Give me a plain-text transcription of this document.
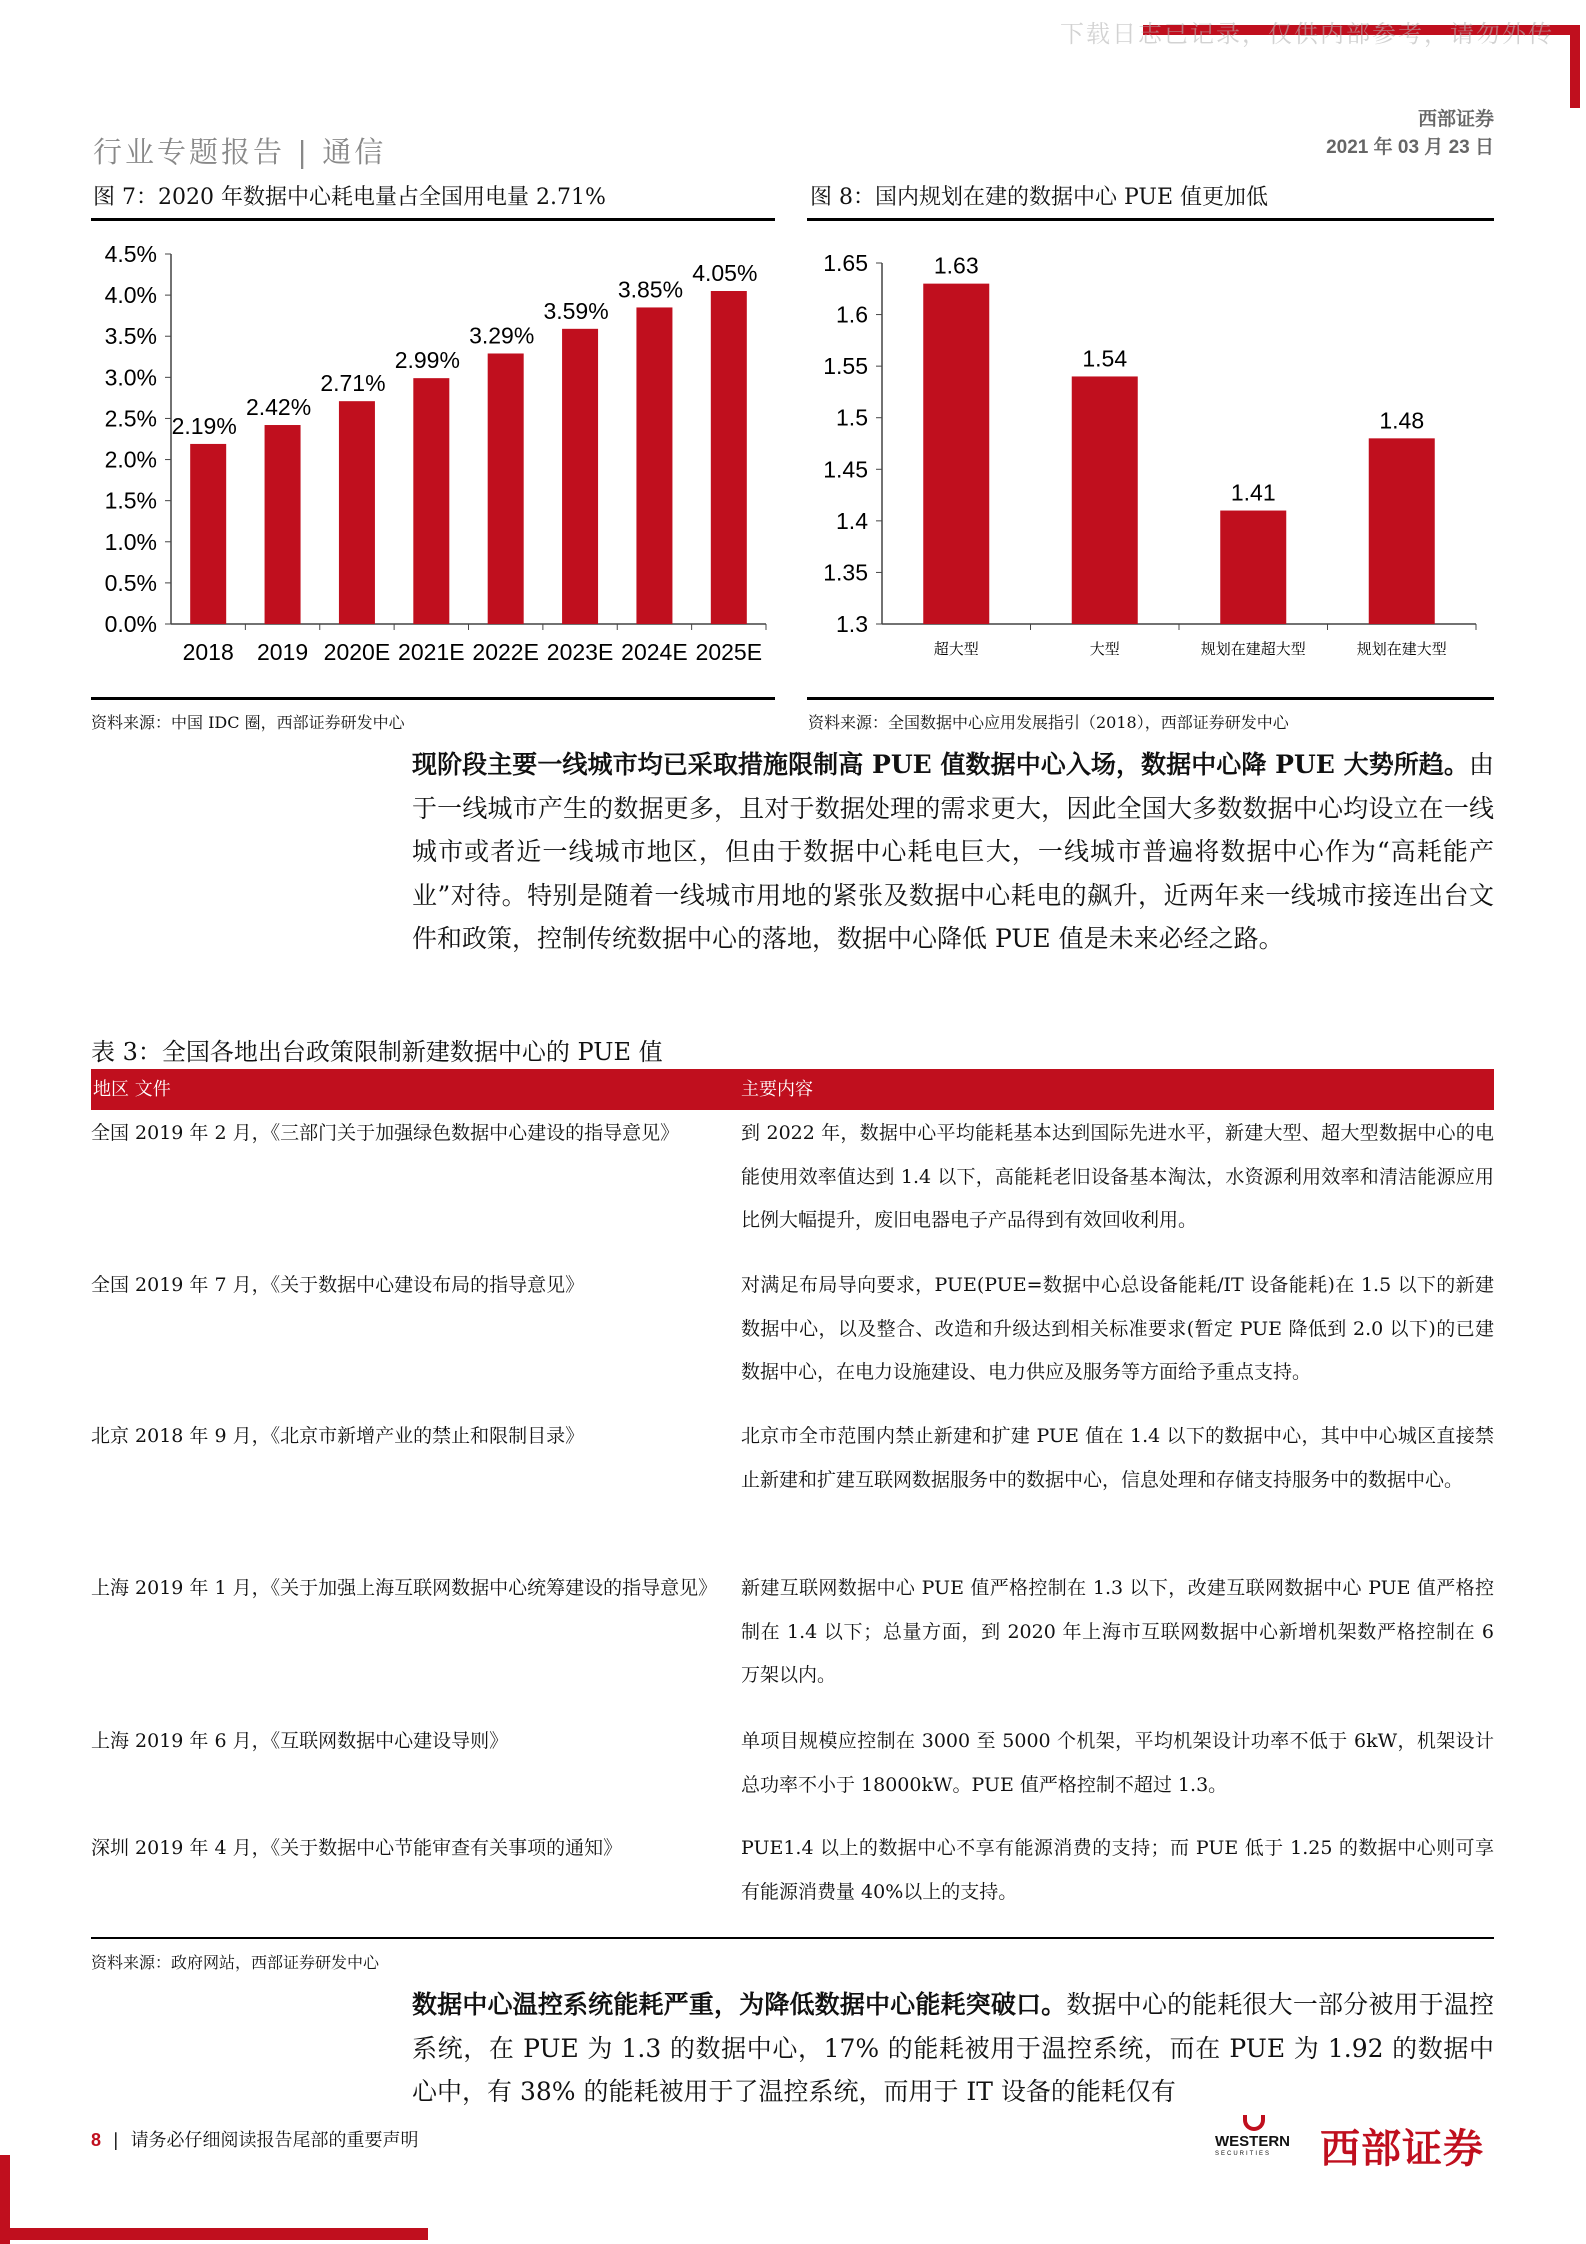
下载日志已记录，仅供内部参考，请勿外传
行业专题报告 | 通信
西部证券
2021 年 03 月 23 日
图 7：2020 年数据中心耗电量占全国用电量 2.71%	图 8：国内规划在建的数据中心 PUE 值更加低
0.0%
0.5%
1.0%
1.5%
2.0%
2.5%
3.0%
3.5%
4.0%
4.5%
2.19%
2018
2.42%
2019
2.71%
2020E
2.99%
2021E
3.29%
2022E
3.59%
2023E
3.85%
2024E
4.05%
2025E
1.3
1.35
1.4
1.45
1.5
1.55
1.6
1.65	1.63
超大型
1.54
大型
1.41
规划在建超大型
1.48
规划在建大型
资料来源：中国 IDC 圈，西部证券研发中心	资料来源：全国数据中心应用发展指引（2018），西部证券研发中心
现阶段主要一线城市均已采取措施限制高 PUE 值数据中心入场，数据中心降 PUE 大势所趋。由于一线城市产生的数据更多，且对于数据处理的需求更大，因此全国大多数数据中心均设立在一线城市或者近一线城市地区，但由于数据中心耗电巨大，一线城市普遍将数据中心作为“高耗能产业”对待。特别是随着一线城市用地的紧张及数据中心耗电的飙升，近两年来一线城市接连出台文件和政策，控制传统数据中心的落地，数据中心降低 PUE 值是未来必经之路。
表 3：全国各地出台政策限制新建数据中心的 PUE 值
地区 文件	主要内容
全国 2019 年 2 月，《三部门关于加强绿色数据中心建设的指导意见》	到 2022 年，数据中心平均能耗基本达到国际先进水平，新建大型、超大型数据中心的电能使用效率值达到 1.4 以下，高能耗老旧设备基本淘汰，水资源利用效率和清洁能源应用比例大幅提升，废旧电器电子产品得到有效回收利用。
全国 2019 年 7 月，《关于数据中心建设布局的指导意见》	对满足布局导向要求，PUE(PUE=数据中心总设备能耗/IT 设备能耗)在 1.5 以下的新建数据中心，以及整合、改造和升级达到相关标准要求(暂定 PUE 降低到 2.0 以下)的已建数据中心，在电力设施建设、电力供应及服务等方面给予重点支持。
北京 2018 年 9 月，《北京市新增产业的禁止和限制目录》	北京市全市范围内禁止新建和扩建 PUE 值在 1.4 以下的数据中心，其中中心城区直接禁止新建和扩建互联网数据服务中的数据中心，信息处理和存储支持服务中的数据中心。
上海 2019 年 1 月，《关于加强上海互联网数据中心统筹建设的指导意见》	新建互联网数据中心 PUE 值严格控制在 1.3 以下，改建互联网数据中心 PUE 值严格控制在 1.4 以下；总量方面，到 2020 年上海市互联网数据中心新增机架数严格控制在 6 万架以内。
上海 2019 年 6 月，《互联网数据中心建设导则》	单项目规模应控制在 3000 至 5000 个机架，平均机架设计功率不低于 6kW，机架设计总功率不小于 18000kW。PUE 值严格控制不超过 1.3。
深圳 2019 年 4 月，《关于数据中心节能审查有关事项的通知》	PUE1.4 以上的数据中心不享有能源消费的支持；而 PUE 低于 1.25 的数据中心则可享有能源消费量 40%以上的支持。
资料来源：政府网站，西部证券研发中心
数据中心温控系统能耗严重，为降低数据中心能耗突破口。数据中心的能耗很大一部分被用于温控系统，在 PUE 为 1.3 的数据中心，17% 的能耗被用于温控系统，而在 PUE 为 1.92 的数据中心中，有 38% 的能耗被用于了温控系统，而用于 IT 设备的能耗仅有
8 | 请务必仔细阅读报告尾部的重要声明	WESTERN
SECURITIES 西部证券
